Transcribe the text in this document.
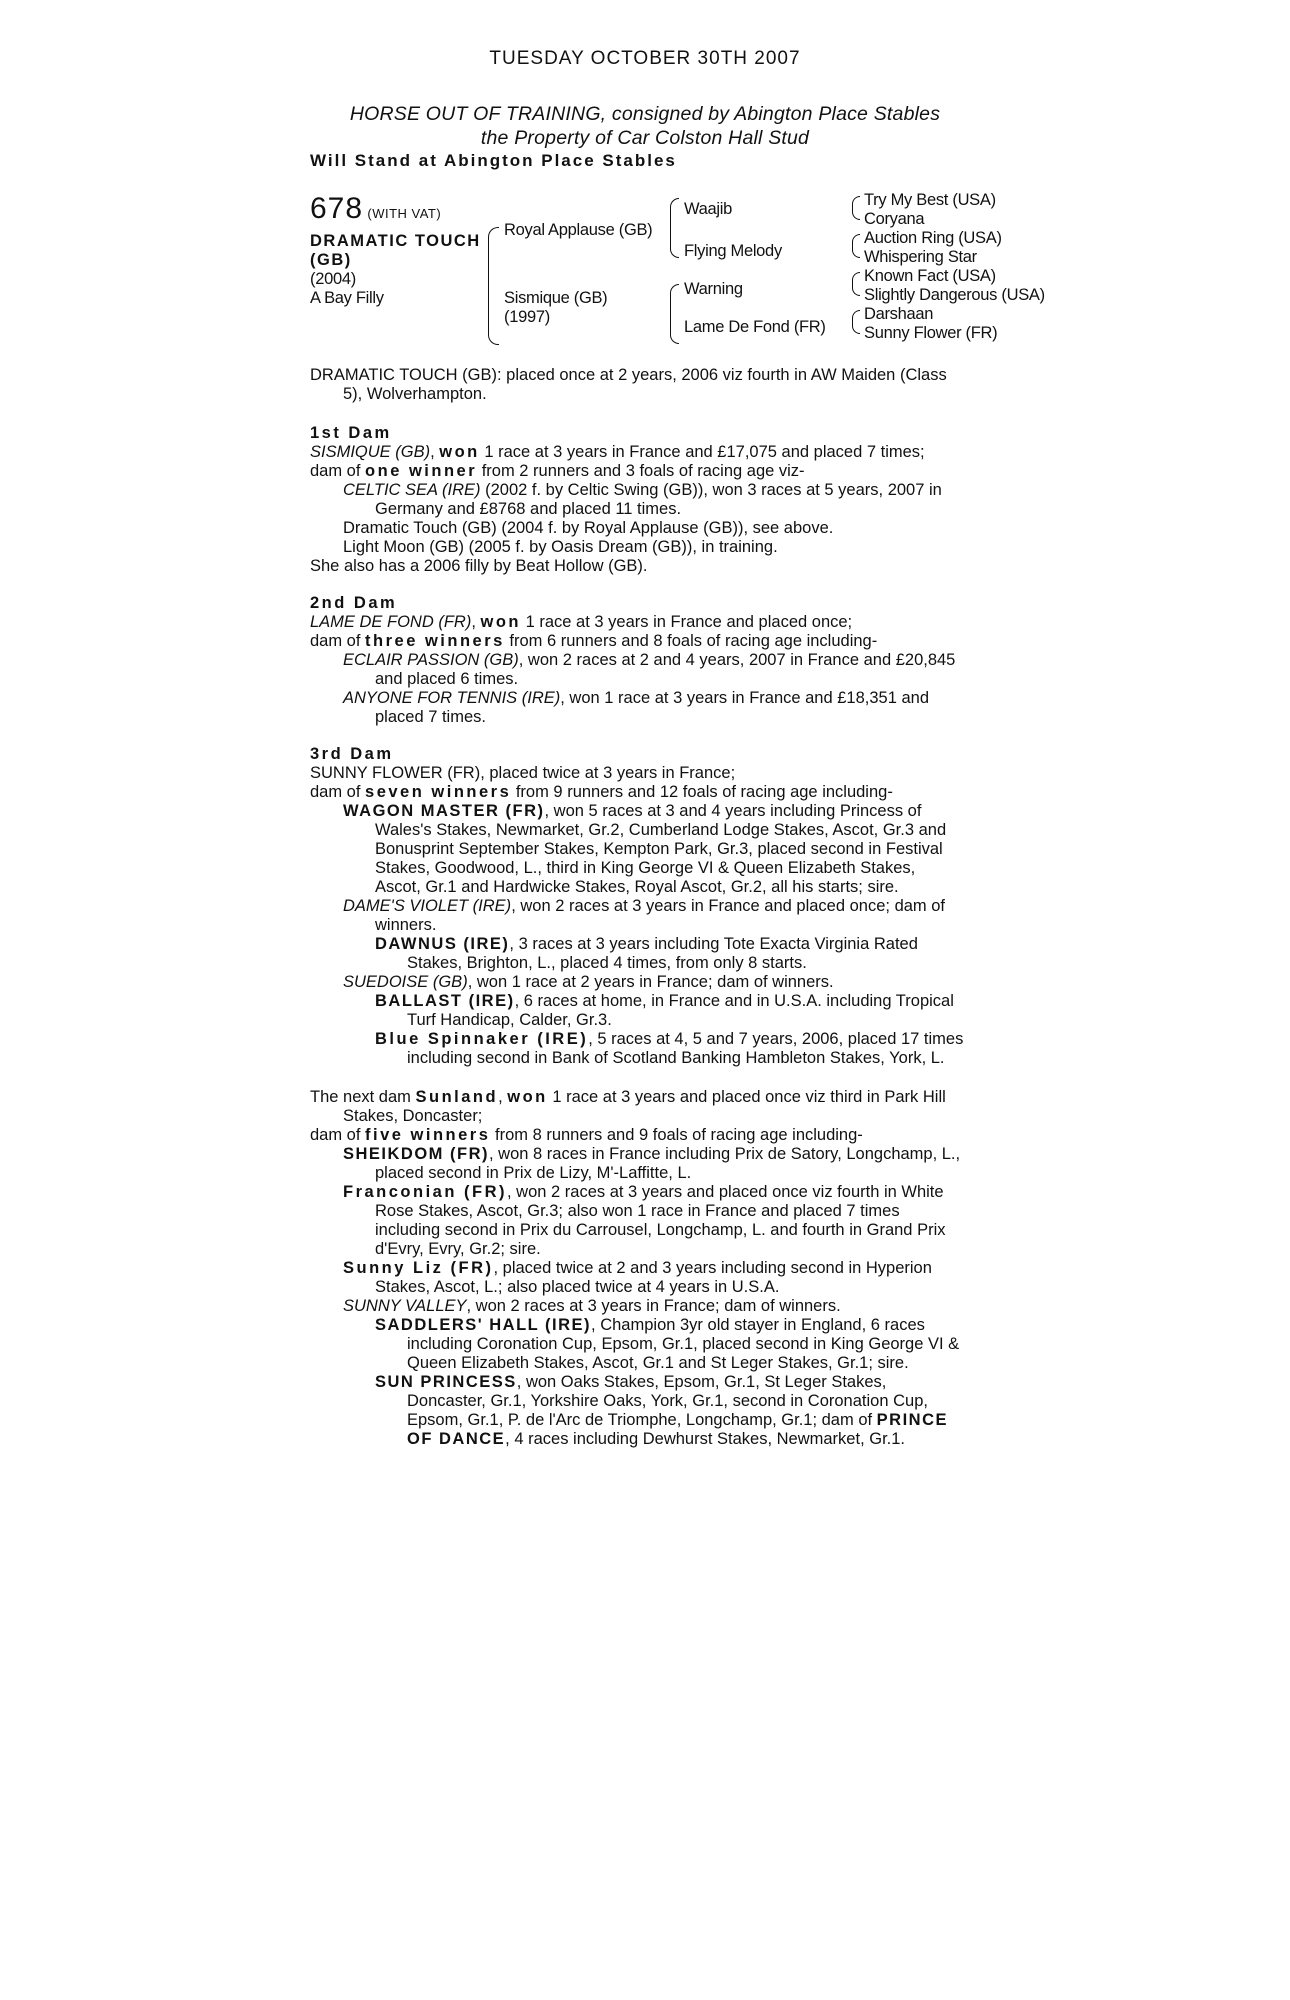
TUESDAY OCTOBER 30TH 2007
HORSE OUT OF TRAINING, consigned by Abington Place Stables
the Property of Car Colston Hall Stud
Will Stand at Abington Place Stables
678 (WITH VAT)
DRAMATIC TOUCH
(GB)
(2004)
A Bay Filly
Royal Applause (GB)
Sismique (GB)
(1997)
Waajib
Flying Melody
Warning
Lame De Fond (FR)
Try My Best (USA)
Coryana
Auction Ring (USA)
Whispering Star
Known Fact (USA)
Slightly Dangerous (USA)
Darshaan
Sunny Flower (FR)
DRAMATIC TOUCH (GB): placed once at 2 years, 2006 viz fourth in AW Maiden (Class
5), Wolverhampton.
1st Dam
SISMIQUE (GB), won 1 race at 3 years in France and £17,075 and placed 7 times;
dam of one winner from 2 runners and 3 foals of racing age viz-
CELTIC SEA (IRE) (2002 f. by Celtic Swing (GB)), won 3 races at 5 years, 2007 in
Germany and £8768 and placed 11 times.
Dramatic Touch (GB) (2004 f. by Royal Applause (GB)), see above.
Light Moon (GB) (2005 f. by Oasis Dream (GB)), in training.
She also has a 2006 filly by Beat Hollow (GB).
2nd Dam
LAME DE FOND (FR), won 1 race at 3 years in France and placed once;
dam of three winners from 6 runners and 8 foals of racing age including-
ECLAIR PASSION (GB), won 2 races at 2 and 4 years, 2007 in France and £20,845
and placed 6 times.
ANYONE FOR TENNIS (IRE), won 1 race at 3 years in France and £18,351 and
placed 7 times.
3rd Dam
SUNNY FLOWER (FR), placed twice at 3 years in France;
dam of seven winners from 9 runners and 12 foals of racing age including-
WAGON MASTER (FR), won 5 races at 3 and 4 years including Princess of
Wales's Stakes, Newmarket, Gr.2, Cumberland Lodge Stakes, Ascot, Gr.3 and
Bonusprint September Stakes, Kempton Park, Gr.3, placed second in Festival
Stakes, Goodwood, L., third in King George VI & Queen Elizabeth Stakes,
Ascot, Gr.1 and Hardwicke Stakes, Royal Ascot, Gr.2, all his starts; sire.
DAME'S VIOLET (IRE), won 2 races at 3 years in France and placed once; dam of
winners.
DAWNUS (IRE), 3 races at 3 years including Tote Exacta Virginia Rated
Stakes, Brighton, L., placed 4 times, from only 8 starts.
SUEDOISE (GB), won 1 race at 2 years in France; dam of winners.
BALLAST (IRE), 6 races at home, in France and in U.S.A. including Tropical
Turf Handicap, Calder, Gr.3.
Blue Spinnaker (IRE), 5 races at 4, 5 and 7 years, 2006, placed 17 times
including second in Bank of Scotland Banking Hambleton Stakes, York, L.
The next dam Sunland, won 1 race at 3 years and placed once viz third in Park Hill
Stakes, Doncaster;
dam of five winners from 8 runners and 9 foals of racing age including-
SHEIKDOM (FR), won 8 races in France including Prix de Satory, Longchamp, L.,
placed second in Prix de Lizy, M'-Laffitte, L.
Franconian (FR), won 2 races at 3 years and placed once viz fourth in White
Rose Stakes, Ascot, Gr.3; also won 1 race in France and placed 7 times
including second in Prix du Carrousel, Longchamp, L. and fourth in Grand Prix
d'Evry, Evry, Gr.2; sire.
Sunny Liz (FR), placed twice at 2 and 3 years including second in Hyperion
Stakes, Ascot, L.; also placed twice at 4 years in U.S.A.
SUNNY VALLEY, won 2 races at 3 years in France; dam of winners.
SADDLERS' HALL (IRE), Champion 3yr old stayer in England, 6 races
including Coronation Cup, Epsom, Gr.1, placed second in King George VI &
Queen Elizabeth Stakes, Ascot, Gr.1 and St Leger Stakes, Gr.1; sire.
SUN PRINCESS, won Oaks Stakes, Epsom, Gr.1, St Leger Stakes,
Doncaster, Gr.1, Yorkshire Oaks, York, Gr.1, second in Coronation Cup,
Epsom, Gr.1, P. de l'Arc de Triomphe, Longchamp, Gr.1; dam of PRINCE
OF DANCE, 4 races including Dewhurst Stakes, Newmarket, Gr.1.
